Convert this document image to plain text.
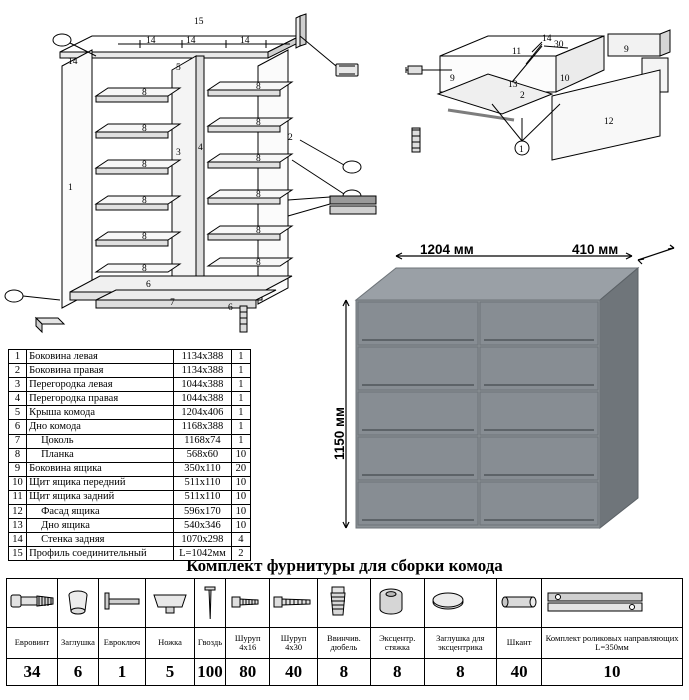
15
14
14	14	14
5
8
8
8
8
8
8
8
8
8
8
8
8
1
3 4
2
6
7	6
11
14
30	9
9
13
10
2
12
1
1204 мм	410 мм
1150 мм
1	Боковина левая	1134x388	1
2	Боковина правая	1134x388	1
3	Перегородка левая	1044x388	1
4	Перегородка правая	1044x388	1
5	Крыша комода	1204x406	1
6	Дно комода	1168x388	1
7	Цоколь	1168x74	1
8	Планка	568x60	10
9	Боковина ящика	350x110	20
10	Щит ящика передний	511x110	10
11	Щит ящика задний	511x110	10
12	Фасад ящика	596x170	10
13	Дно ящика	540x346	10
14	Стенка задняя	1070x298	4
15	Профиль соединительный	L=1042мм	2
Комплект фурнитуры для сборки комода

Евровинт	Заглушка	Евроключ	Ножка	Гвоздь	Шуруп 4x16	Шуруп 4x30	Ввинчив. дюбель	Эксцентр. стяжка	Заглушка для эксцентрика	Шкант	Комплект роликовых направляющих L=350мм
34	6	1	5	100	80	40	8	8	8	40	10
